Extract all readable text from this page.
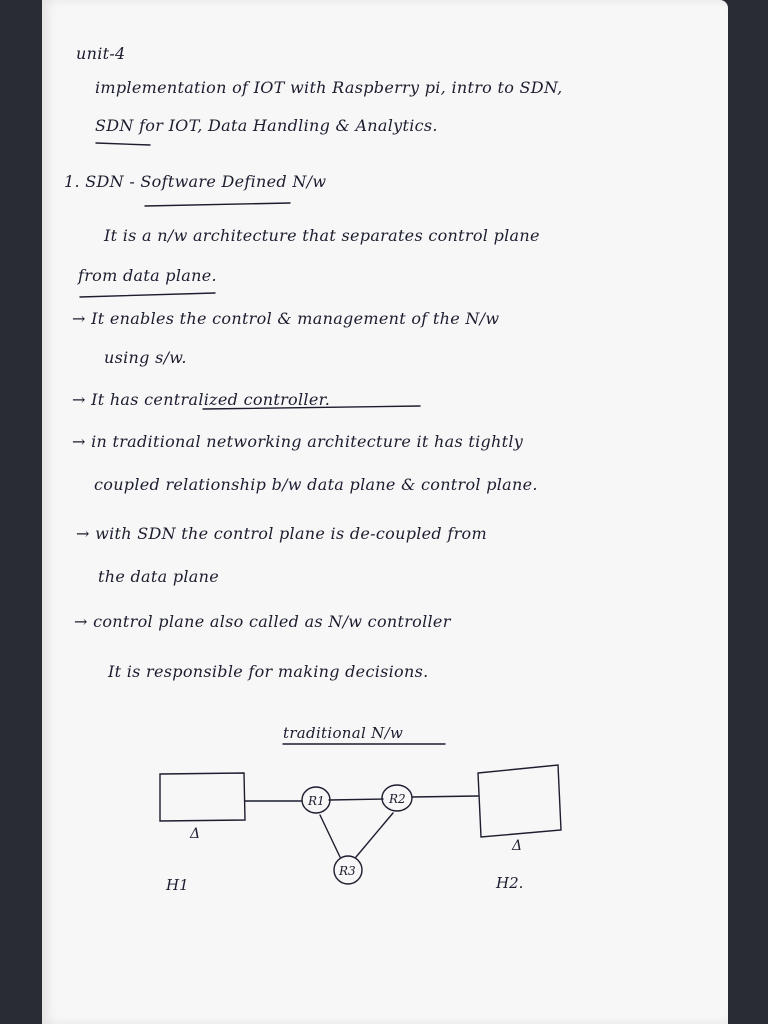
unit-4
implementation of IOT with Raspberry pi, intro to SDN,
SDN for IOT, Data Handling & Analytics.
1. SDN - Software Defined N/w
It is a n/w architecture that separates control plane
from data plane.
→ It enables the control & management of the N/w
using s/w.
→ It has centralized controller.
→ in traditional networking architecture it has tightly
coupled relationship b/w data plane & control plane.
→ with SDN the control plane is de-coupled from
the data plane
→ control plane also called as N/w controller
It is responsible for making decisions.
traditional N/w
R1	R2
R3
Δ
Δ
H1	H2.
